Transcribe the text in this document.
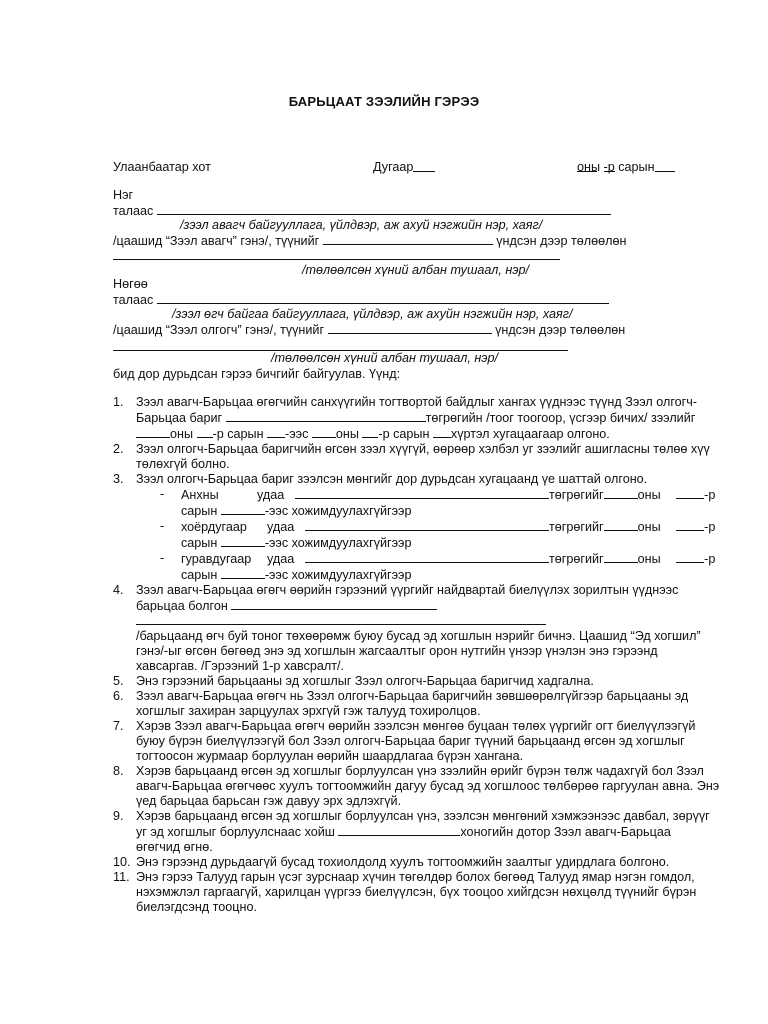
БАРЬЦААТ ЗЭЭЛИЙН ГЭРЭЭ
Улаанбаатар хот	Дугаар	оны -р сарын
Нэг
талаас
/зээл авагч байгууллага, үйлдвэр, аж ахуй нэгжийн нэр, хаяг/
/цаашид “Зээл авагч” гэнэ/, түүнийг	үндсэн дээр төлөөлөн
/төлөөлсөн хүний албан тушаал, нэр/
Нөгөө
талаас
/зээл өгч байгаа байгууллага, үйлдвэр, аж ахуйн нэгжийн нэр, хаяг/
/цаашид “Зээл олгогч” гэнэ/, түүнийг	үндсэн дээр төлөөлөн
/төлөөлсөн хүний албан тушаал, нэр/
бид дор дурьдсан гэрээ бичгийг байгуулав. Үүнд:
1. Зээл авагч-Барьцаа өгөгчийн санхүүгийн тогтвортой байдлыг хангах үүднээс түүнд Зээл олгогч-
Барьцаа бариг	төгрөгийн /тоог тоогоор, үсгээр бичих/ зээлийг
оны -р сарын -ээс оны -р сарын хүртэл хугацаагаар олгоно.
2. Зээл олгогч-Барьцаа баригчийн өгсөн зээл хүүгүй, өөрөөр хэлбэл уг зээлийг ашигласны төлөө хүү
төлөхгүй болно.
3. Зээл олгогч-Барьцаа бариг зээлсэн мөнгийг дор дурьдсан хугацаанд үе шаттай олгоно.
- Анхны	удаа	төгрөгийг	оны	-р
сарын	-ээс хожимдуулахгүйгээр
- хоёрдугаар удаа	төгрөгийг	оны	-р
сарын	-ээс хожимдуулахгүйгээр
- гуравдугаар удаа	төгрөгийг	оны	-р
сарын	-ээс хожимдуулахгүйгээр
4. Зээл авагч-Барьцаа өгөгч өөрийн гэрээний үүргийг найдвартай биелүүлэх зорилтын үүднээс
барьцаа болгон
/барьцаанд өгч буй тоног төхөөрөмж буюу бусад эд хогшлын нэрийг бичнэ. Цаашид “Эд хогшил”
гэнэ/-ыг өгсөн бөгөөд энэ эд хогшлын жагсаалтыг орон нутгийн үнээр үнэлэн энэ гэрээнд
хавсаргав. /Гэрээний 1-р хавсралт/.
5. Энэ гэрээний барьцааны эд хогшлыг Зээл олгогч-Барьцаа баригчид хадгална.
6. Зээл авагч-Барьцаа өгөгч нь Зээл олгогч-Барьцаа баригчийн зөвшөөрөлгүйгээр барьцааны эд
хогшлыг захиран зарцуулах эрхгүй гэж талууд тохиролцов.
7. Хэрэв Зээл авагч-Барьцаа өгөгч өөрийн зээлсэн мөнгөө буцаан төлөх үүргийг огт биелүүлээгүй
буюу бүрэн биелүүлээгүй бол Зээл олгогч-Барьцаа бариг түүний барьцаанд өгсөн эд хогшлыг
тогтоосон журмаар борлуулан өөрийн шаардлагаа бүрэн хангана.
8. Хэрэв барьцаанд өгсөн эд хогшлыг борлуулсан үнэ зээлийн өрийг бүрэн төлж чадахгүй бол Зээл
авагч-Барьцаа өгөгчөөс хуулъ тогтоомжийн дагуу бусад эд хогшлоос төлбөрөө гаргуулан авна. Энэ
үед барьцаа барьсан гэж давуу эрх эдлэхгүй.
9. Хэрэв барьцаанд өгсөн эд хогшлыг борлуулсан үнэ, зээлсэн мөнгөний хэмжээнээс давбал, зөрүүг
уг эд хогшлыг борлуулснаас хойш	хоногийн дотор Зээл авагч-Барьцаа
өгөгчид өгнө.
10. Энэ гэрээнд дурьдаагүй бусад тохиолдолд хуулъ тогтоомжийн заалтыг удирдлага болгоно.
11. Энэ гэрээ Талууд гарын үсэг зурснаар хүчин төгөлдөр болох бөгөөд Талууд ямар нэгэн гомдол,
нэхэмжлэл гаргаагүй, харилцан үүргээ биелүүлсэн, бүх тооцоо хийгдсэн нөхцөлд түүнийг бүрэн
биелэгдсэнд тооцно.
